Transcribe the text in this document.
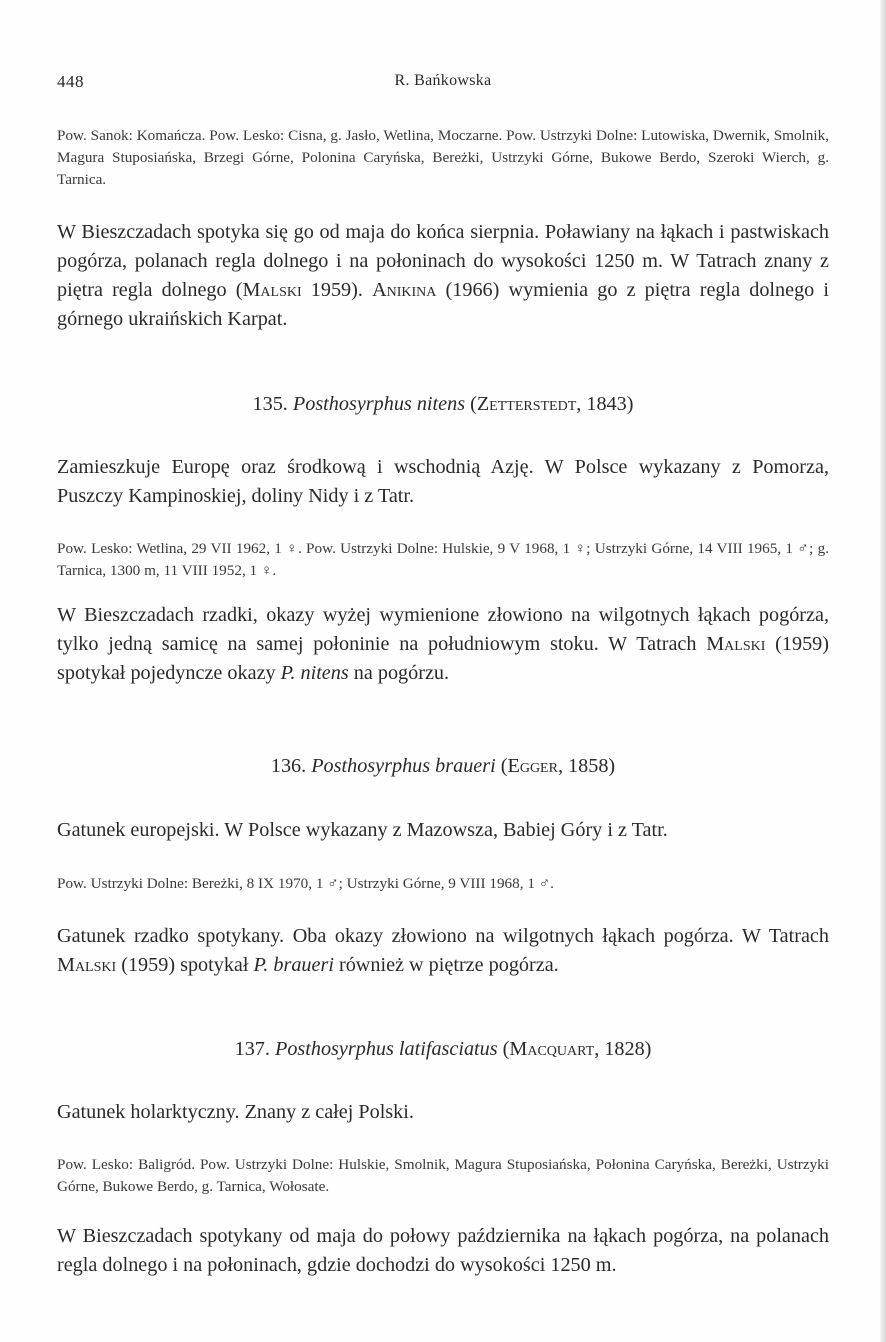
448	R. Bańkowska

Pow. Sanok: Komańcza. Pow. Lesko: Cisna, g. Jasło, Wetlina, Moczarne. Pow. Ustrzyki Dolne: Lutowiska, Dwernik, Smolnik, Magura Stuposiańska, Brzegi Górne, Polonina Caryńska, Bereżki, Ustrzyki Górne, Bukowe Berdo, Szeroki Wierch, g. Tarnica.

W Bieszczadach spotyka się go od maja do końca sierpnia. Poławiany na łąkach i pastwiskach pogórza, polanach regla dolnego i na połoninach do wysokości 1250 m. W Tatrach znany z piętra regla dolnego (Malski 1959). Anikina (1966) wymienia go z piętra regla dolnego i górnego ukraińskich Karpat.

135. Posthosyrphus nitens (Zetterstedt, 1843)

Zamieszkuje Europę oraz środkową i wschodnią Azję. W Polsce wykazany z Pomorza, Puszczy Kampinoskiej, doliny Nidy i z Tatr.

Pow. Lesko: Wetlina, 29 VII 1962, 1 ♀. Pow. Ustrzyki Dolne: Hulskie, 9 V 1968, 1 ♀; Ustrzyki Górne, 14 VIII 1965, 1 ♂; g. Tarnica, 1300 m, 11 VIII 1952, 1 ♀.

W Bieszczadach rzadki, okazy wyżej wymienione złowiono na wilgotnych łąkach pogórza, tylko jedną samicę na samej połoninie na południowym stoku. W Tatrach Malski (1959) spotykał pojedyncze okazy P. nitens na pogórzu.

136. Posthosyrphus braueri (Egger, 1858)

Gatunek europejski. W Polsce wykazany z Mazowsza, Babiej Góry i z Tatr.

Pow. Ustrzyki Dolne: Bereżki, 8 IX 1970, 1 ♂; Ustrzyki Górne, 9 VIII 1968, 1 ♂.

Gatunek rzadko spotykany. Oba okazy złowiono na wilgotnych łąkach pogórza. W Tatrach Malski (1959) spotykał P. braueri również w piętrze pogórza.

137. Posthosyrphus latifasciatus (Macquart, 1828)

Gatunek holarktyczny. Znany z całej Polski.

Pow. Lesko: Baligród. Pow. Ustrzyki Dolne: Hulskie, Smolnik, Magura Stuposiańska, Połonina Caryńska, Bereżki, Ustrzyki Górne, Bukowe Berdo, g. Tarnica, Wołosate.

W Bieszczadach spotykany od maja do połowy października na łąkach pogórza, na polanach regla dolnego i na połoninach, gdzie dochodzi do wysokości 1250 m.
